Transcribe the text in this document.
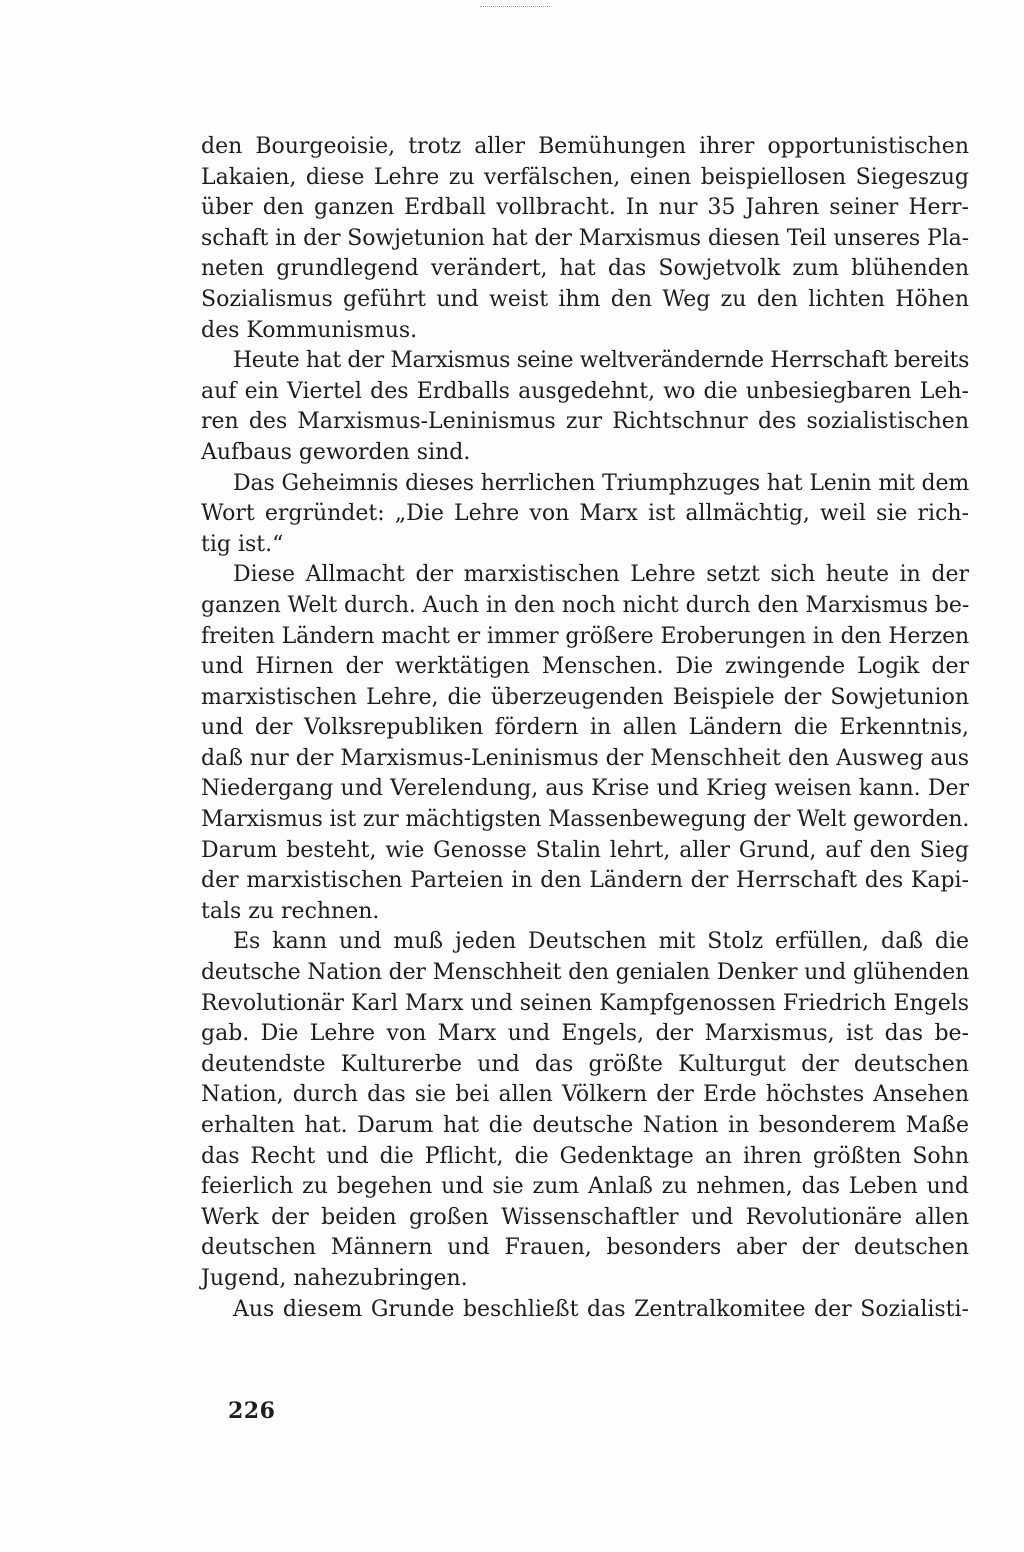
den Bourgeoisie, trotz aller Bemühungen ihrer opportunistischen
Lakaien, diese Lehre zu verfälschen, einen beispiellosen Siegeszug
über den ganzen Erdball vollbracht. In nur 35 Jahren seiner Herr-
schaft in der Sowjetunion hat der Marxismus diesen Teil unseres Pla-
neten grundlegend verändert, hat das Sowjetvolk zum blühenden
Sozialismus geführt und weist ihm den Weg zu den lichten Höhen
des Kommunismus.
Heute hat der Marxismus seine weltverändernde Herrschaft bereits
auf ein Viertel des Erdballs ausgedehnt, wo die unbesiegbaren Leh-
ren des Marxismus-Leninismus zur Richtschnur des sozialistischen
Aufbaus geworden sind.
Das Geheimnis dieses herrlichen Triumphzuges hat Lenin mit dem
Wort ergründet: „Die Lehre von Marx ist allmächtig, weil sie rich-
tig ist.“
Diese Allmacht der marxistischen Lehre setzt sich heute in der
ganzen Welt durch. Auch in den noch nicht durch den Marxismus be-
freiten Ländern macht er immer größere Eroberungen in den Herzen
und Hirnen der werktätigen Menschen. Die zwingende Logik der
marxistischen Lehre, die überzeugenden Beispiele der Sowjetunion
und der Volksrepubliken fördern in allen Ländern die Erkenntnis,
daß nur der Marxismus-Leninismus der Menschheit den Ausweg aus
Niedergang und Verelendung, aus Krise und Krieg weisen kann. Der
Marxismus ist zur mächtigsten Massenbewegung der Welt geworden.
Darum besteht, wie Genosse Stalin lehrt, aller Grund, auf den Sieg
der marxistischen Parteien in den Ländern der Herrschaft des Kapi-
tals zu rechnen.
Es kann und muß jeden Deutschen mit Stolz erfüllen, daß die
deutsche Nation der Menschheit den genialen Denker und glühenden
Revolutionär Karl Marx und seinen Kampfgenossen Friedrich Engels
gab. Die Lehre von Marx und Engels, der Marxismus, ist das be-
deutendste Kulturerbe und das größte Kulturgut der deutschen
Nation, durch das sie bei allen Völkern der Erde höchstes Ansehen
erhalten hat. Darum hat die deutsche Nation in besonderem Maße
das Recht und die Pflicht, die Gedenktage an ihren größten Sohn
feierlich zu begehen und sie zum Anlaß zu nehmen, das Leben und
Werk der beiden großen Wissenschaftler und Revolutionäre allen
deutschen Männern und Frauen, besonders aber der deutschen
Jugend, nahezubringen.
Aus diesem Grunde beschließt das Zentralkomitee der Sozialisti-
226
